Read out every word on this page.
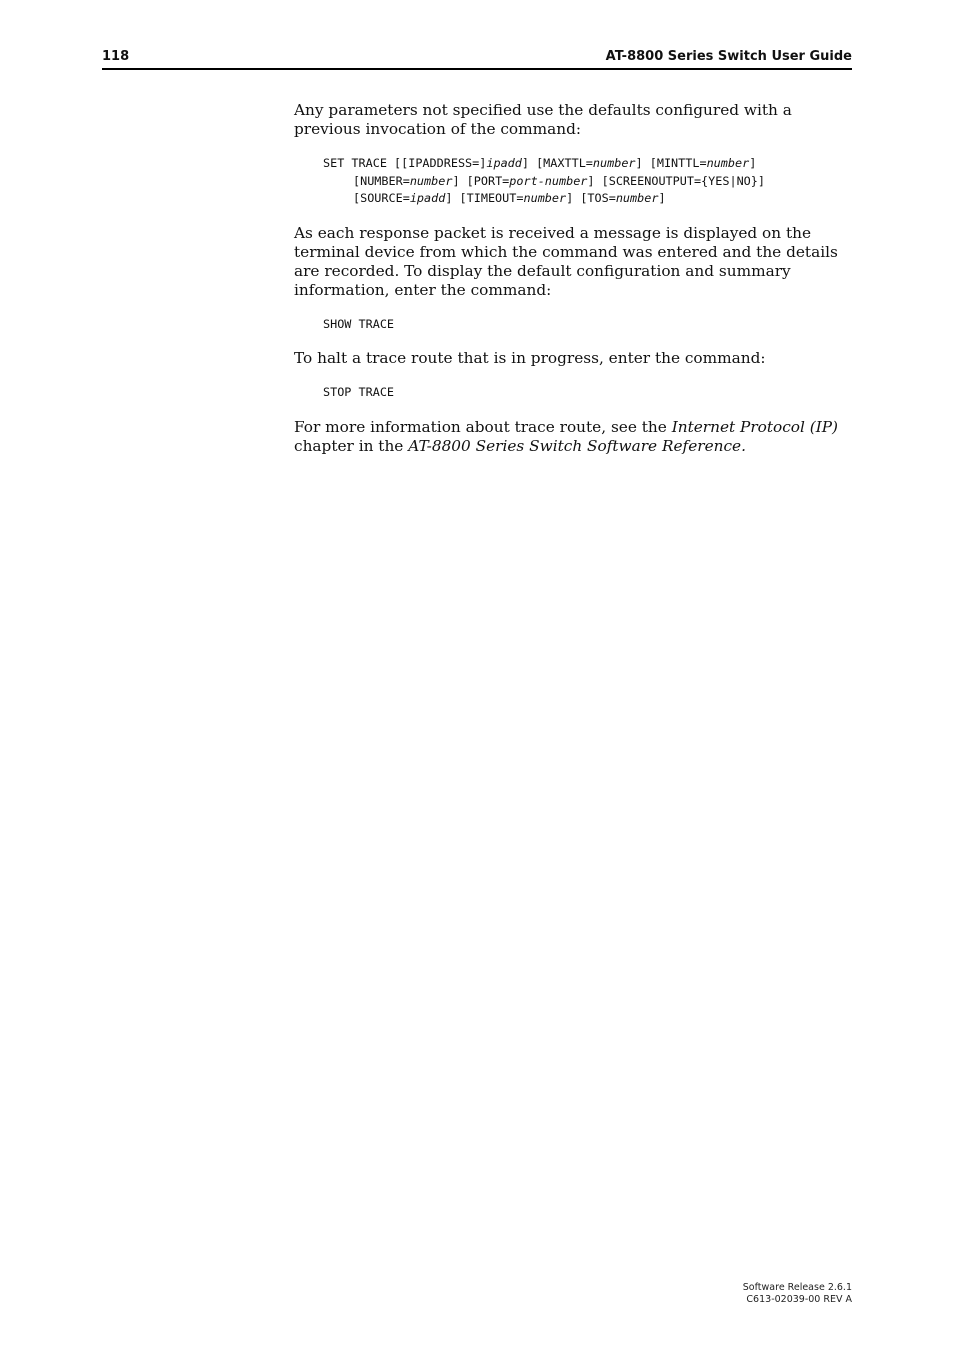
118	AT-8800 Series Switch User Guide

Any parameters not specified use the defaults configured with a previous invocation of the command:

SET TRACE [[IPADDRESS=]ipadd] [MAXTTL=number] [MINTTL=number]
[NUMBER=number] [PORT=port-number] [SCREENOUTPUT={YES|NO}]
[SOURCE=ipadd] [TIMEOUT=number] [TOS=number]

As each response packet is received a message is displayed on the terminal device from which the command was entered and the details are recorded. To display the default configuration and summary information, enter the command:

SHOW TRACE

To halt a trace route that is in progress, enter the command:

STOP TRACE

For more information about trace route, see the Internet Protocol (IP) chapter in the AT-8800 Series Switch Software Reference.

Software Release 2.6.1
C613-02039-00 REV A
